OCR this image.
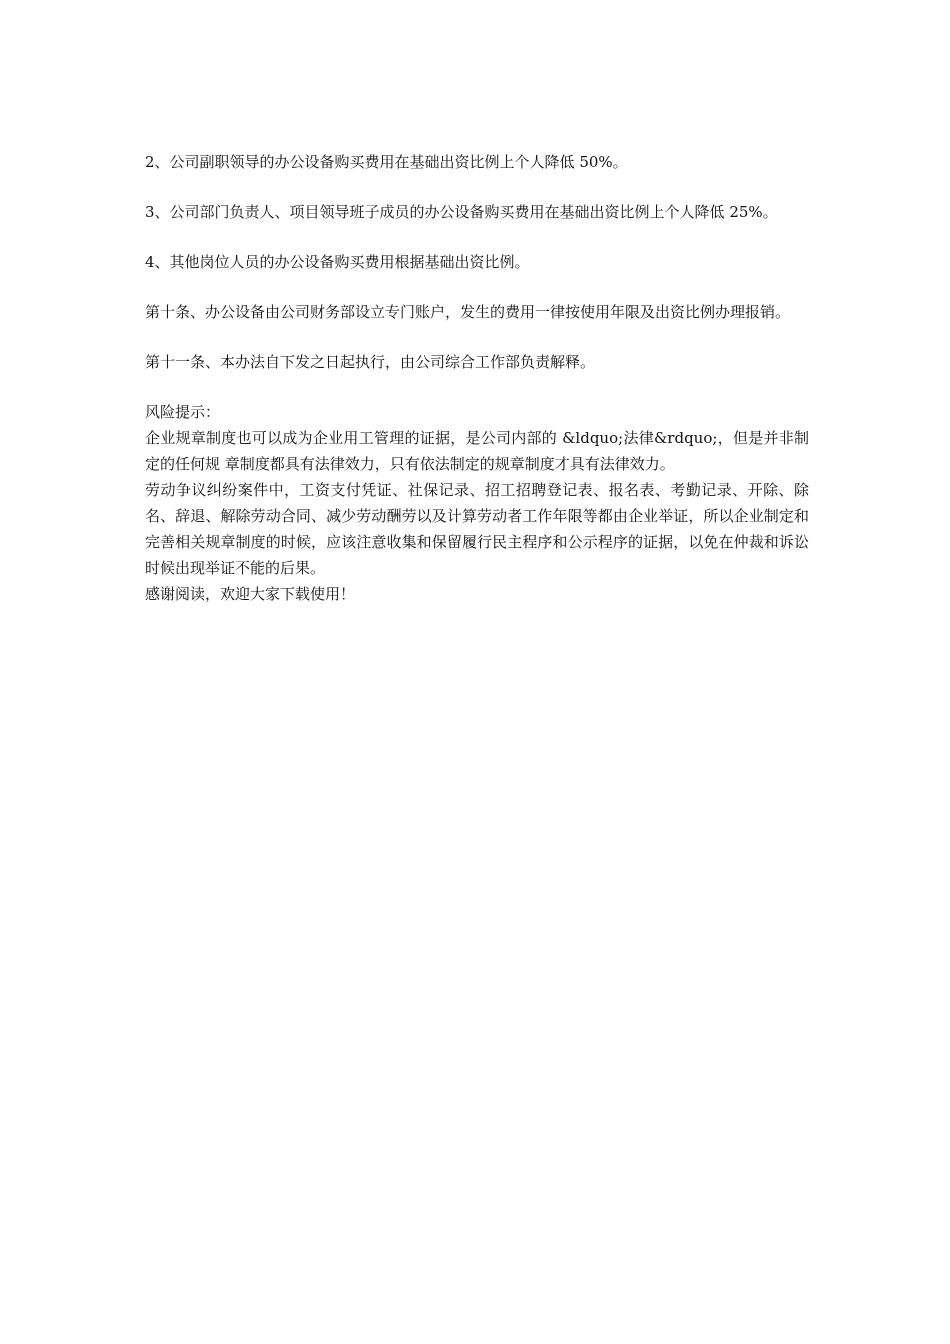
2、公司副职领导的办公设备购买费用在基础出资比例上个人降低 50%。

3、公司部门负责人、项目领导班子成员的办公设备购买费用在基础出资比例上个人降低 25%。

4、其他岗位人员的办公设备购买费用根据基础出资比例。

第十条、办公设备由公司财务部设立专门账户，发生的费用一律按使用年限及出资比例办理报销。

第十一条、本办法自下发之日起执行，由公司综合工作部负责解释。

风险提示：

企业规章制度也可以成为企业用工管理的证据，是公司内部的 &ldquo;法律&rdquo;，但是并非制定的任何规 章制度都具有法律效力，只有依法制定的规章制度才具有法律效力。

劳动争议纠纷案件中，工资支付凭证、社保记录、招工招聘登记表、报名表、考勤记录、开除、除名、辞退、解除劳动合同、减少劳动酬劳以及计算劳动者工作年限等都由企业举证，所以企业制定和完善相关规章制度的时候，应该注意收集和保留履行民主程序和公示程序的证据，以免在仲裁和诉讼时候出现举证不能的后果。

感谢阅读，欢迎大家下载使用！
